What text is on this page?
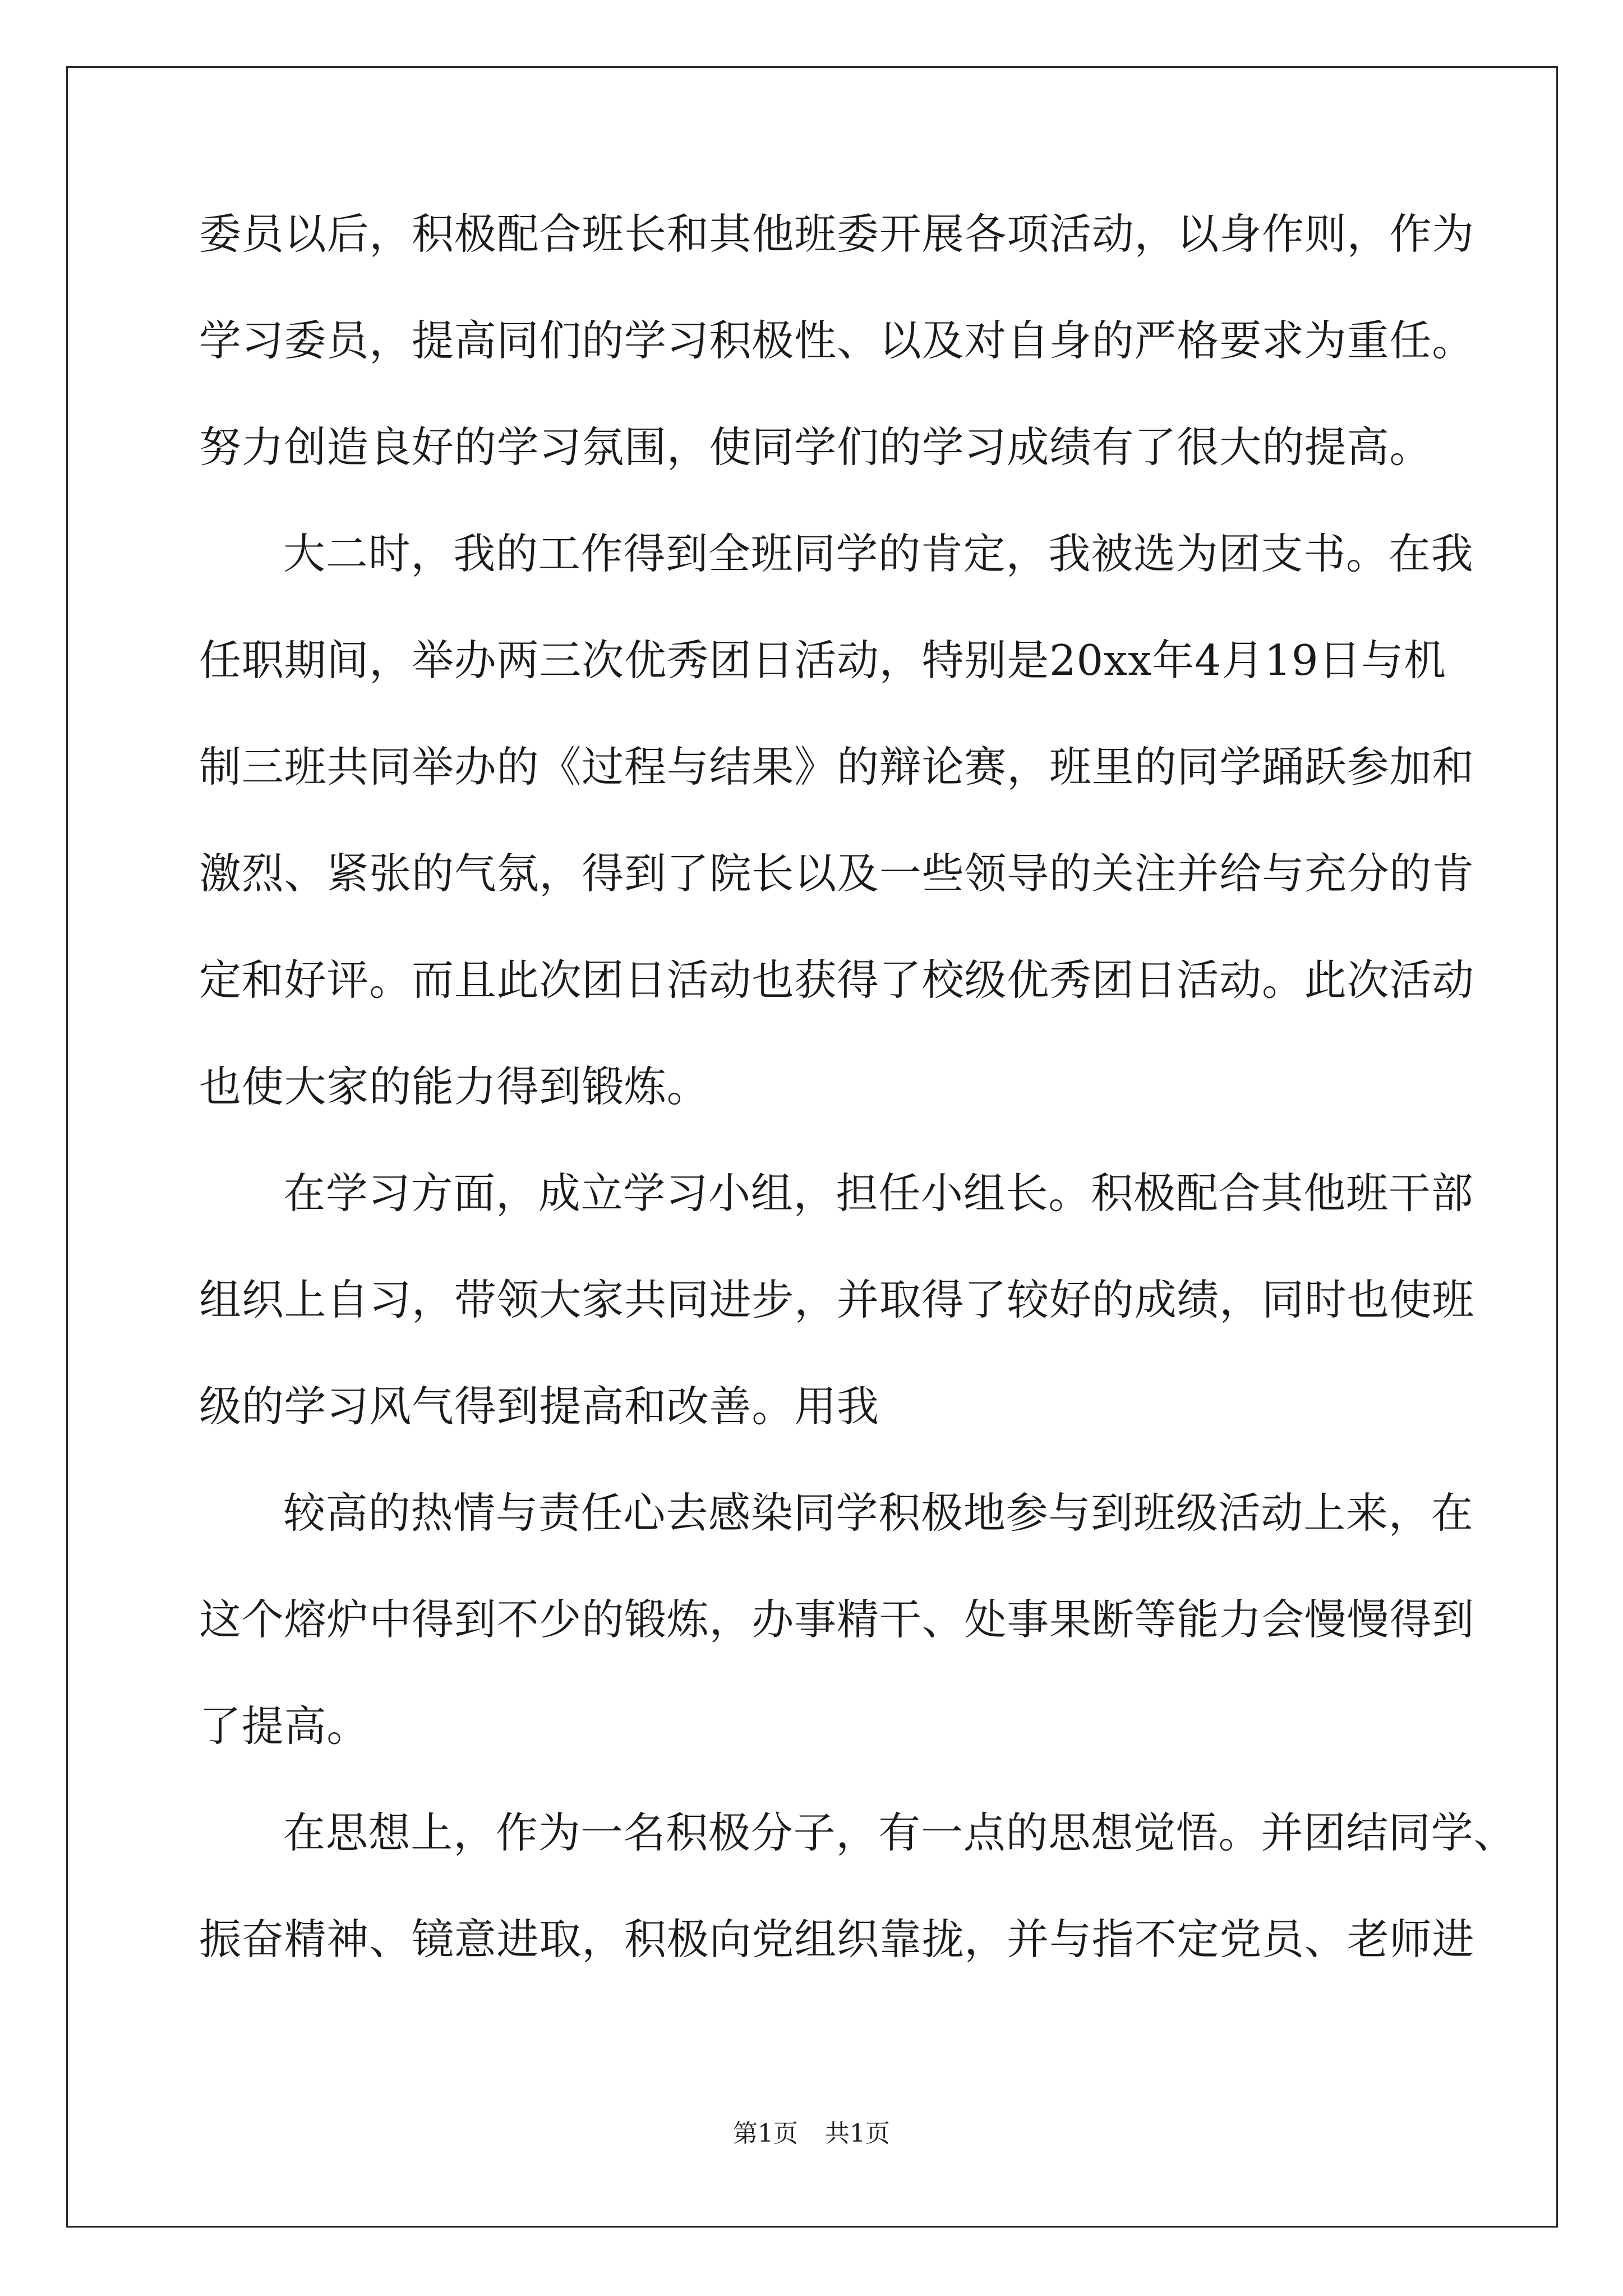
委员以后，积极配合班长和其他班委开展各项活动，以身作则，作为
学习委员，提高同们的学习积极性、以及对自身的严格要求为重任。
努力创造良好的学习氛围，使同学们的学习成绩有了很大的提高。
大二时，我的工作得到全班同学的肯定，我被选为团支书。在我
任职期间，举办两三次优秀团日活动，特别是20xx年4月19日与机
制三班共同举办的《过程与结果》的辩论赛，班里的同学踊跃参加和
激烈、紧张的气氛，得到了院长以及一些领导的关注并给与充分的肯
定和好评。而且此次团日活动也获得了校级优秀团日活动。此次活动
也使大家的能力得到锻炼。
在学习方面，成立学习小组，担任小组长。积极配合其他班干部
组织上自习，带领大家共同进步，并取得了较好的成绩，同时也使班
级的学习风气得到提高和改善。用我
较高的热情与责任心去感染同学积极地参与到班级活动上来，在
这个熔炉中得到不少的锻炼，办事精干、处事果断等能力会慢慢得到
了提高。
在思想上，作为一名积极分子，有一点的思想觉悟。并团结同学、
振奋精神、镜意进取，积极向党组织靠拢，并与指不定党员、老师进
第1页 共1页
